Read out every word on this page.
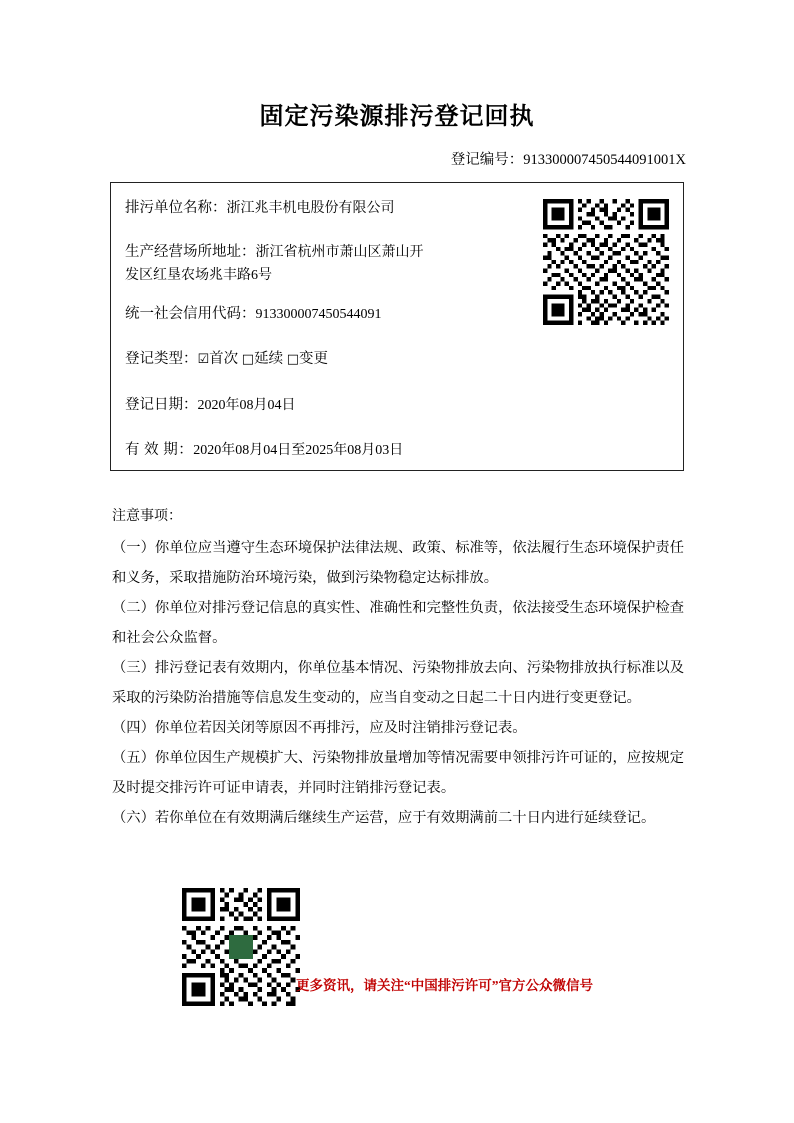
固定污染源排污登记回执
登记编号：913300007450544091001X
排污单位名称：浙江兆丰机电股份有限公司
生产经营场所地址：浙江省杭州市萧山区萧山开发区红垦农场兆丰路6号
统一社会信用代码：913300007450544091
登记类型：☑首次 □延续 □变更
登记日期：2020年08月04日
有 效 期：2020年08月04日至2025年08月03日
注意事项：

（一）你单位应当遵守生态环境保护法律法规、政策、标准等，依法履行生态环境保护责任和义务，采取措施防治环境污染，做到污染物稳定达标排放。

（二）你单位对排污登记信息的真实性、准确性和完整性负责，依法接受生态环境保护检查和社会公众监督。

（三）排污登记表有效期内，你单位基本情况、污染物排放去向、污染物排放执行标准以及采取的污染防治措施等信息发生变动的，应当自变动之日起二十日内进行变更登记。

（四）你单位若因关闭等原因不再排污，应及时注销排污登记表。

（五）你单位因生产规模扩大、污染物排放量增加等情况需要申领排污许可证的，应按规定及时提交排污许可证申请表，并同时注销排污登记表。

（六）若你单位在有效期满后继续生产运营，应于有效期满前二十日内进行延续登记。

更多资讯，请关注“中国排污许可”官方公众微信号
